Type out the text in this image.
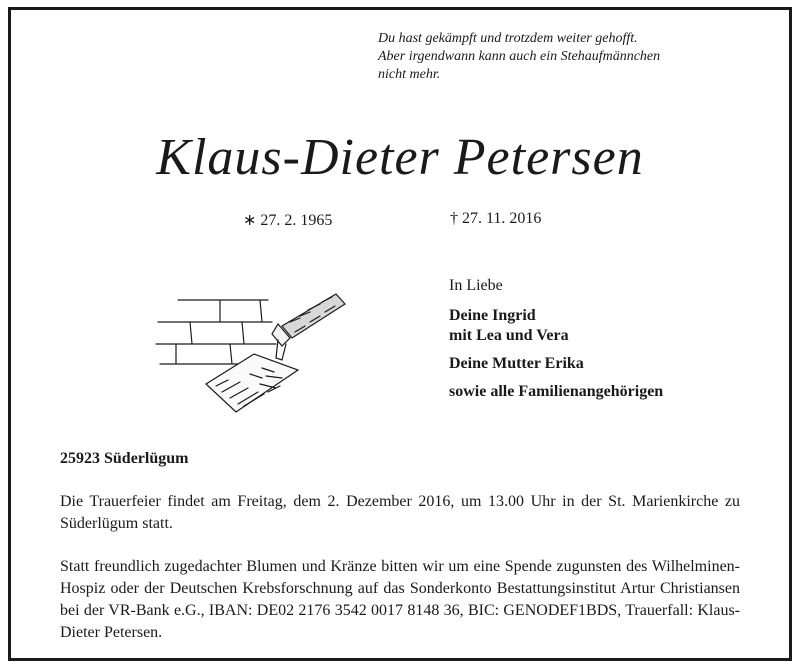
Du hast gekämpft und trotzdem weiter gehofft.
Aber irgendwann kann auch ein Stehaufmännchen
nicht mehr.
Klaus-Dieter Petersen
∗ 27. 2. 1965	† 27. 11. 2016
In Liebe
Deine Ingrid
mit Lea und Vera
Deine Mutter Erika
sowie alle Familienangehörigen
25923 Süderlügum
Die Trauerfeier findet am Freitag, dem 2. Dezember 2016, um 13.00 Uhr in der St. Marienkirche zu Süderlügum statt.
Statt freundlich zugedachter Blumen und Kränze bitten wir um eine Spende zugunsten des Wilhelminen-Hospiz oder der Deutschen Krebsforschnung auf das Sonderkonto Bestattungsinstitut Artur Christiansen bei der VR-Bank e.G., IBAN: DE02 2176 3542 0017 8148 36, BIC: GENODEF1BDS, Trauerfall: Klaus-Dieter Petersen.
